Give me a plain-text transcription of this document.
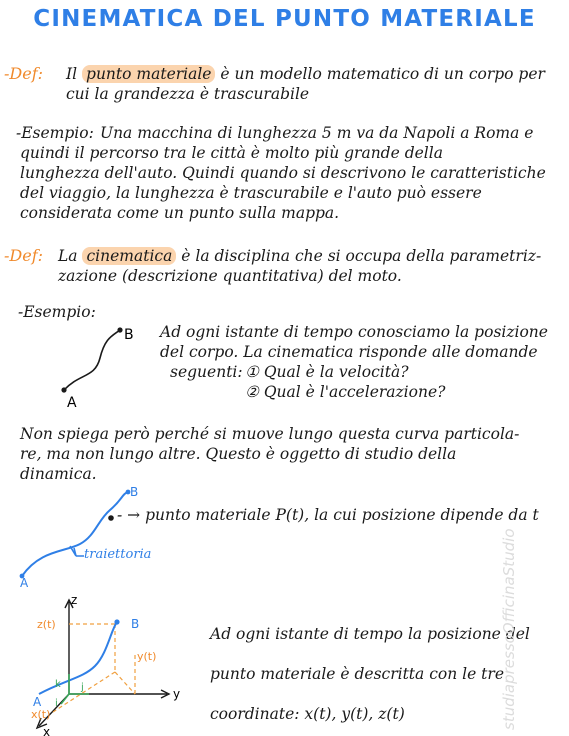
CINEMATICA DEL PUNTO MATERIALE
-Def: Il punto materiale è un modello matematico di un corpo per
cui la grandezza è trascurabile
-Esempio: Una macchina di lunghezza 5 m va da Napoli a Roma e
quindi il percorso tra le città è molto più grande della
lunghezza dell'auto. Quindi quando si descrivono le caratteristiche
del viaggio, la lunghezza è trascurabile e l'auto può essere
considerata come un punto sulla mappa.
-Def: La cinematica è la disciplina che si occupa della parametriz-
zazione (descrizione quantitativa) del moto.
-Esempio:
A
B Ad ogni istante di tempo conosciamo la posizione
del corpo. La cinematica risponde alle domande
seguenti: ① Qual è la velocità?
② Qual è l'accelerazione?
Non spiega però perché si muove lungo questa curva particola-
re, ma non lungo altre. Questo è oggetto di studio della
dinamica.
A
B
- → punto materiale P(t), la cui posizione dipende da t
traiettoria
k j
i
z
y
x
z(t)
y(t)
x(t)
A
B
Ad ogni istante di tempo la posizione del
punto materiale è descritta con le tre
coordinate: x(t), y(t), z(t)	studiapressoOfficinaStudio
